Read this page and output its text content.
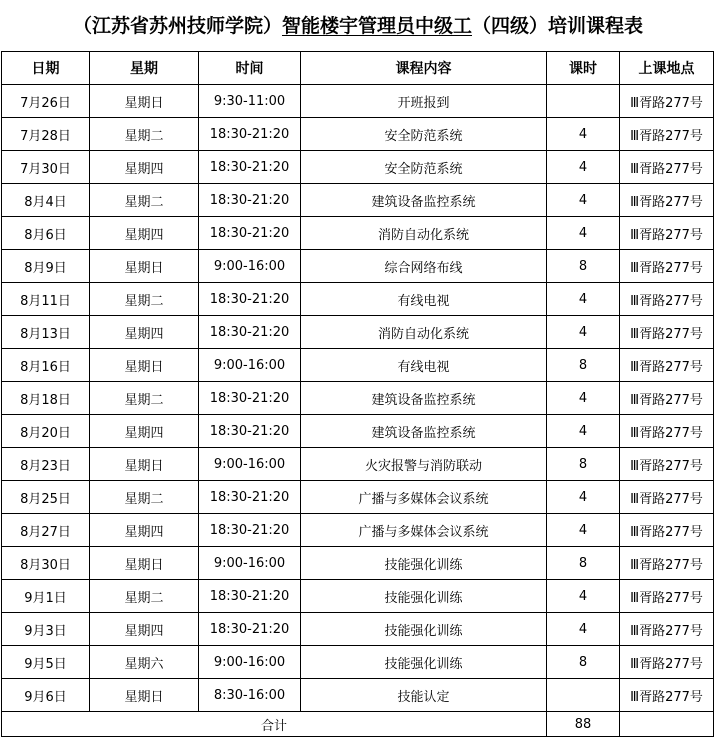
（江苏省苏州技师学院）智能楼宇管理员中级工（四级）培训课程表
日期	星期	时间	课程内容	课时	上课地点
7月26日	星期日	9:30-11:00	开班报到		Ⅲ胥路277号
7月28日	星期二	18:30-21:20	安全防范系统	4	Ⅲ胥路277号
7月30日	星期四	18:30-21:20	安全防范系统	4	Ⅲ胥路277号
8月4日	星期二	18:30-21:20	建筑设备监控系统	4	Ⅲ胥路277号
8月6日	星期四	18:30-21:20	消防自动化系统	4	Ⅲ胥路277号
8月9日	星期日	9:00-16:00	综合网络布线	8	Ⅲ胥路277号
8月11日	星期二	18:30-21:20	有线电视	4	Ⅲ胥路277号
8月13日	星期四	18:30-21:20	消防自动化系统	4	Ⅲ胥路277号
8月16日	星期日	9:00-16:00	有线电视	8	Ⅲ胥路277号
8月18日	星期二	18:30-21:20	建筑设备监控系统	4	Ⅲ胥路277号
8月20日	星期四	18:30-21:20	建筑设备监控系统	4	Ⅲ胥路277号
8月23日	星期日	9:00-16:00	火灾报警与消防联动	8	Ⅲ胥路277号
8月25日	星期二	18:30-21:20	广播与多媒体会议系统	4	Ⅲ胥路277号
8月27日	星期四	18:30-21:20	广播与多媒体会议系统	4	Ⅲ胥路277号
8月30日	星期日	9:00-16:00	技能强化训练	8	Ⅲ胥路277号
9月1日	星期二	18:30-21:20	技能强化训练	4	Ⅲ胥路277号
9月3日	星期四	18:30-21:20	技能强化训练	4	Ⅲ胥路277号
9月5日	星期六	9:00-16:00	技能强化训练	8	Ⅲ胥路277号
9月6日	星期日	8:30-16:00	技能认定		Ⅲ胥路277号
合计				88	
